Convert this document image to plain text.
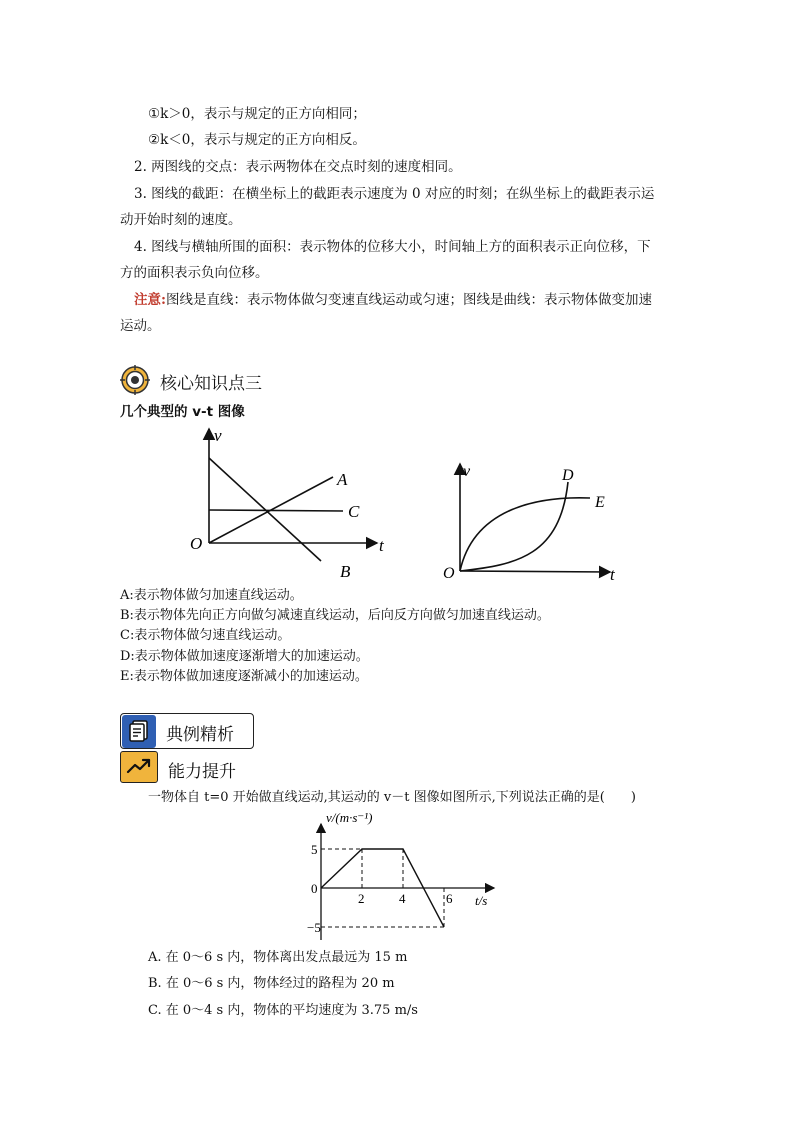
①k＞0，表示与规定的正方向相同；
②k＜0，表示与规定的正方向相反。
2. 两图线的交点：表示两物体在交点时刻的速度相同。
3. 图线的截距：在横坐标上的截距表示速度为 0 对应的时刻；在纵坐标上的截距表示运
动开始时刻的速度。
4. 图线与横轴所围的面积：表示物体的位移大小，时间轴上方的面积表示正向位移，下
方的面积表示负向位移。
注意:图线是直线：表示物体做匀变速直线运动或匀速；图线是曲线：表示物体做变加速
运动。
核心知识点三
几个典型的 v-t 图像
v
t
O
A
B
C
v
t
O
D
E
A:表示物体做匀加速直线运动。
B:表示物体先向正方向做匀减速直线运动，后向反方向做匀加速直线运动。
C:表示物体做匀速直线运动。
D:表示物体做加速度逐渐增大的加速运动。
E:表示物体做加速度逐渐减小的加速运动。
典例精析
能力提升
一物体自 t=0 开始做直线运动,其运动的 v－t 图像如图所示,下列说法正确的是(　　)
v/(m·s⁻¹)
t/s
2	4	6
5
0
−5
A. 在 0～6 s 内，物体离出发点最远为 15 m
B. 在 0～6 s 内，物体经过的路程为 20 m
C. 在 0～4 s 内，物体的平均速度为 3.75 m/s
